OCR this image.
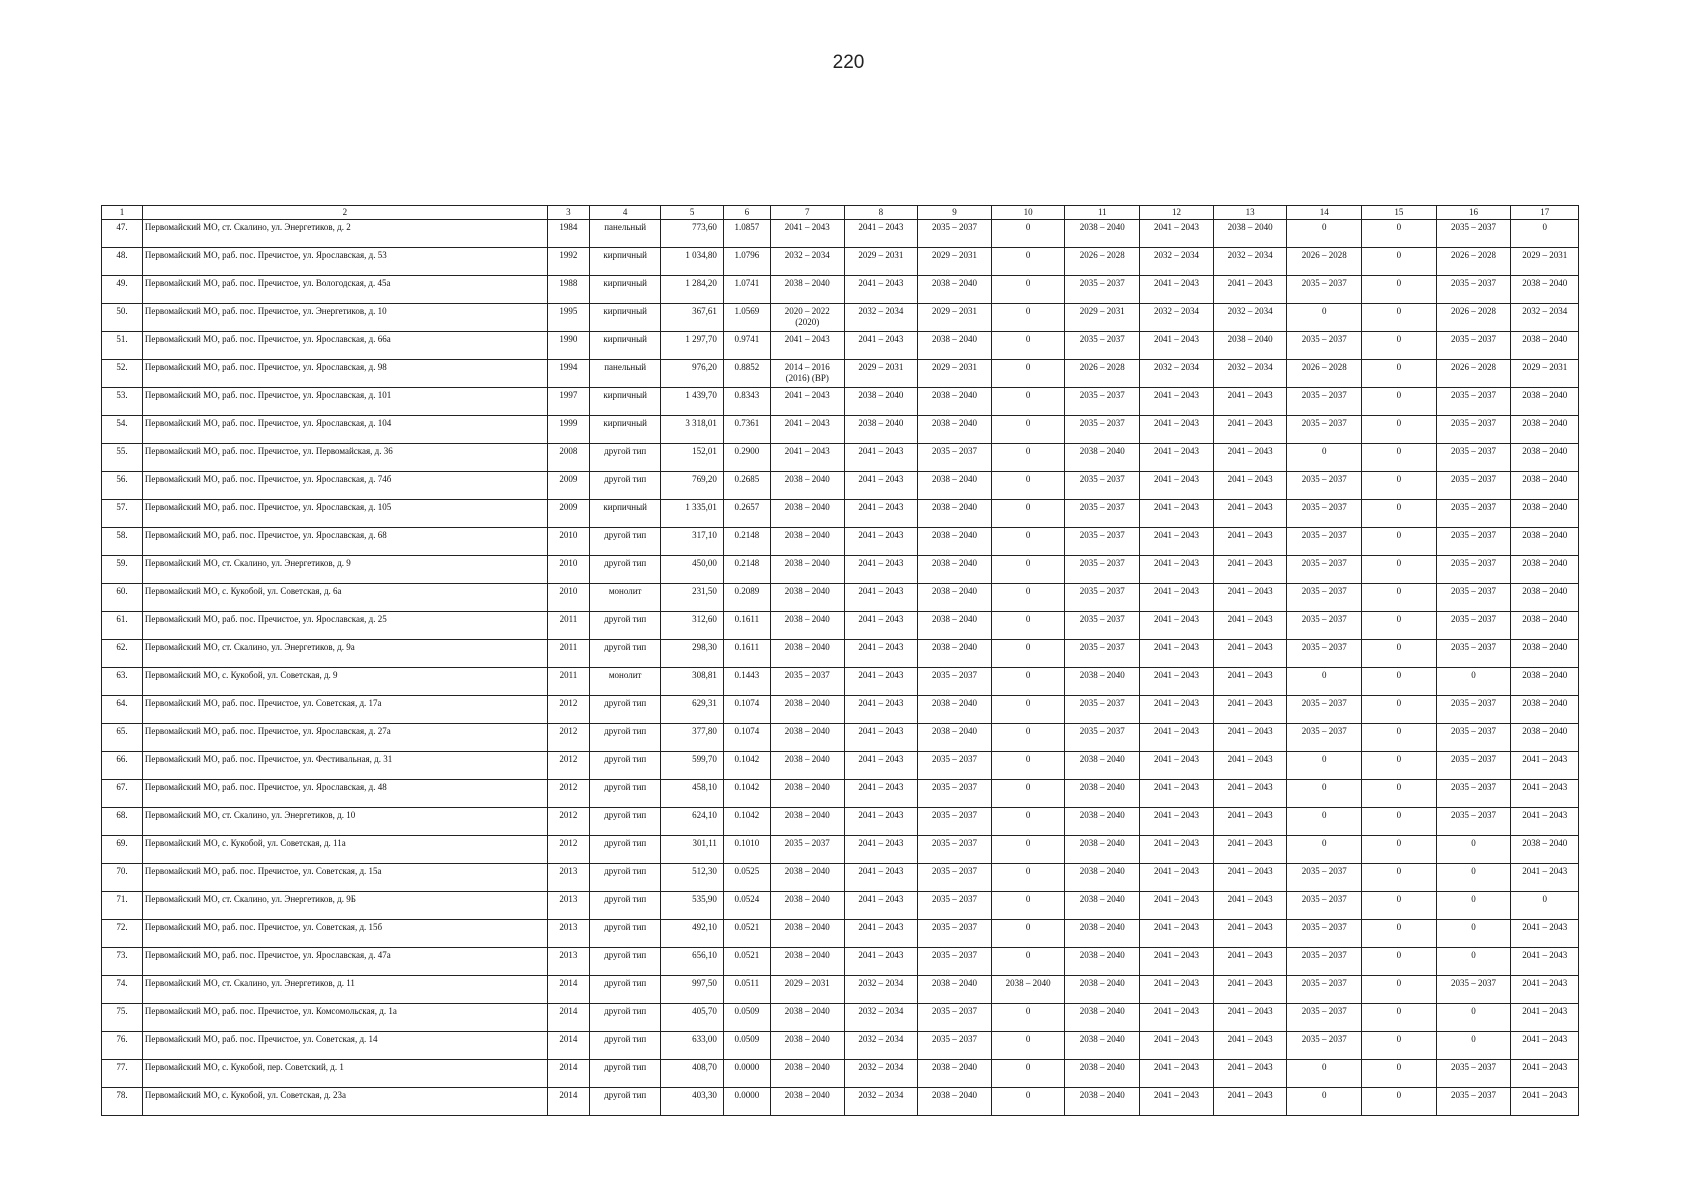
220
1	2	3	4	5	6	7	8	9	10	11	12	13	14	15	16	17
47.	Первомайский МО, ст. Скалино, ул. Энергетиков, д. 2	1984	панельный	773,60	1.0857	2041 – 2043	2041 – 2043	2035 – 2037	0	2038 – 2040	2041 – 2043	2038 – 2040	0	0	2035 – 2037	0
48.	Первомайский МО, раб. пос. Пречистое, ул. Ярославская, д. 53	1992	кирпичный	1 034,80	1.0796	2032 – 2034	2029 – 2031	2029 – 2031	0	2026 – 2028	2032 – 2034	2032 – 2034	2026 – 2028	0	2026 – 2028	2029 – 2031
49.	Первомайский МО, раб. пос. Пречистое, ул. Вологодская, д. 45а	1988	кирпичный	1 284,20	1.0741	2038 – 2040	2041 – 2043	2038 – 2040	0	2035 – 2037	2041 – 2043	2041 – 2043	2035 – 2037	0	2035 – 2037	2038 – 2040
50.	Первомайский МО, раб. пос. Пречистое, ул. Энергетиков, д. 10	1995	кирпичный	367,61	1.0569	2020 – 2022 (2020)	2032 – 2034	2029 – 2031	0	2029 – 2031	2032 – 2034	2032 – 2034	0	0	2026 – 2028	2032 – 2034
51.	Первомайский МО, раб. пос. Пречистое, ул. Ярославская, д. 66а	1990	кирпичный	1 297,70	0.9741	2041 – 2043	2041 – 2043	2038 – 2040	0	2035 – 2037	2041 – 2043	2038 – 2040	2035 – 2037	0	2035 – 2037	2038 – 2040
52.	Первомайский МО, раб. пос. Пречистое, ул. Ярославская, д. 98	1994	панельный	976,20	0.8852	2014 – 2016 (2016) (ВР)	2029 – 2031	2029 – 2031	0	2026 – 2028	2032 – 2034	2032 – 2034	2026 – 2028	0	2026 – 2028	2029 – 2031
53.	Первомайский МО, раб. пос. Пречистое, ул. Ярославская, д. 101	1997	кирпичный	1 439,70	0.8343	2041 – 2043	2038 – 2040	2038 – 2040	0	2035 – 2037	2041 – 2043	2041 – 2043	2035 – 2037	0	2035 – 2037	2038 – 2040
54.	Первомайский МО, раб. пос. Пречистое, ул. Ярославская, д. 104	1999	кирпичный	3 318,01	0.7361	2041 – 2043	2038 – 2040	2038 – 2040	0	2035 – 2037	2041 – 2043	2041 – 2043	2035 – 2037	0	2035 – 2037	2038 – 2040
55.	Первомайский МО, раб. пос. Пречистое, ул. Первомайская, д. 36	2008	другой тип	152,01	0.2900	2041 – 2043	2041 – 2043	2035 – 2037	0	2038 – 2040	2041 – 2043	2041 – 2043	0	0	2035 – 2037	2038 – 2040
56.	Первомайский МО, раб. пос. Пречистое, ул. Ярославская, д. 74б	2009	другой тип	769,20	0.2685	2038 – 2040	2041 – 2043	2038 – 2040	0	2035 – 2037	2041 – 2043	2041 – 2043	2035 – 2037	0	2035 – 2037	2038 – 2040
57.	Первомайский МО, раб. пос. Пречистое, ул. Ярославская, д. 105	2009	кирпичный	1 335,01	0.2657	2038 – 2040	2041 – 2043	2038 – 2040	0	2035 – 2037	2041 – 2043	2041 – 2043	2035 – 2037	0	2035 – 2037	2038 – 2040
58.	Первомайский МО, раб. пос. Пречистое, ул. Ярославская, д. 68	2010	другой тип	317,10	0.2148	2038 – 2040	2041 – 2043	2038 – 2040	0	2035 – 2037	2041 – 2043	2041 – 2043	2035 – 2037	0	2035 – 2037	2038 – 2040
59.	Первомайский МО, ст. Скалино, ул. Энергетиков, д. 9	2010	другой тип	450,00	0.2148	2038 – 2040	2041 – 2043	2038 – 2040	0	2035 – 2037	2041 – 2043	2041 – 2043	2035 – 2037	0	2035 – 2037	2038 – 2040
60.	Первомайский МО, с. Кукобой, ул. Советская, д. 6а	2010	монолит	231,50	0.2089	2038 – 2040	2041 – 2043	2038 – 2040	0	2035 – 2037	2041 – 2043	2041 – 2043	2035 – 2037	0	2035 – 2037	2038 – 2040
61.	Первомайский МО, раб. пос. Пречистое, ул. Ярославская, д. 25	2011	другой тип	312,60	0.1611	2038 – 2040	2041 – 2043	2038 – 2040	0	2035 – 2037	2041 – 2043	2041 – 2043	2035 – 2037	0	2035 – 2037	2038 – 2040
62.	Первомайский МО, ст. Скалино, ул. Энергетиков, д. 9а	2011	другой тип	298,30	0.1611	2038 – 2040	2041 – 2043	2038 – 2040	0	2035 – 2037	2041 – 2043	2041 – 2043	2035 – 2037	0	2035 – 2037	2038 – 2040
63.	Первомайский МО, с. Кукобой, ул. Советская, д. 9	2011	монолит	308,81	0.1443	2035 – 2037	2041 – 2043	2035 – 2037	0	2038 – 2040	2041 – 2043	2041 – 2043	0	0	0	2038 – 2040
64.	Первомайский МО, раб. пос. Пречистое, ул. Советская, д. 17а	2012	другой тип	629,31	0.1074	2038 – 2040	2041 – 2043	2038 – 2040	0	2035 – 2037	2041 – 2043	2041 – 2043	2035 – 2037	0	2035 – 2037	2038 – 2040
65.	Первомайский МО, раб. пос. Пречистое, ул. Ярославская, д. 27а	2012	другой тип	377,80	0.1074	2038 – 2040	2041 – 2043	2038 – 2040	0	2035 – 2037	2041 – 2043	2041 – 2043	2035 – 2037	0	2035 – 2037	2038 – 2040
66.	Первомайский МО, раб. пос. Пречистое, ул. Фестивальная, д. 31	2012	другой тип	599,70	0.1042	2038 – 2040	2041 – 2043	2035 – 2037	0	2038 – 2040	2041 – 2043	2041 – 2043	0	0	2035 – 2037	2041 – 2043
67.	Первомайский МО, раб. пос. Пречистое, ул. Ярославская, д. 48	2012	другой тип	458,10	0.1042	2038 – 2040	2041 – 2043	2035 – 2037	0	2038 – 2040	2041 – 2043	2041 – 2043	0	0	2035 – 2037	2041 – 2043
68.	Первомайский МО, ст. Скалино, ул. Энергетиков, д. 10	2012	другой тип	624,10	0.1042	2038 – 2040	2041 – 2043	2035 – 2037	0	2038 – 2040	2041 – 2043	2041 – 2043	0	0	2035 – 2037	2041 – 2043
69.	Первомайский МО, с. Кукобой, ул. Советская, д. 11а	2012	другой тип	301,11	0.1010	2035 – 2037	2041 – 2043	2035 – 2037	0	2038 – 2040	2041 – 2043	2041 – 2043	0	0	0	2038 – 2040
70.	Первомайский МО, раб. пос. Пречистое, ул. Советская, д. 15а	2013	другой тип	512,30	0.0525	2038 – 2040	2041 – 2043	2035 – 2037	0	2038 – 2040	2041 – 2043	2041 – 2043	2035 – 2037	0	0	2041 – 2043
71.	Первомайский МО, ст. Скалино, ул. Энергетиков, д. 9Б	2013	другой тип	535,90	0.0524	2038 – 2040	2041 – 2043	2035 – 2037	0	2038 – 2040	2041 – 2043	2041 – 2043	2035 – 2037	0	0	0
72.	Первомайский МО, раб. пос. Пречистое, ул. Советская, д. 15б	2013	другой тип	492,10	0.0521	2038 – 2040	2041 – 2043	2035 – 2037	0	2038 – 2040	2041 – 2043	2041 – 2043	2035 – 2037	0	0	2041 – 2043
73.	Первомайский МО, раб. пос. Пречистое, ул. Ярославская, д. 47а	2013	другой тип	656,10	0.0521	2038 – 2040	2041 – 2043	2035 – 2037	0	2038 – 2040	2041 – 2043	2041 – 2043	2035 – 2037	0	0	2041 – 2043
74.	Первомайский МО, ст. Скалино, ул. Энергетиков, д. 11	2014	другой тип	997,50	0.0511	2029 – 2031	2032 – 2034	2038 – 2040	2038 – 2040	2038 – 2040	2041 – 2043	2041 – 2043	2035 – 2037	0	2035 – 2037	2041 – 2043
75.	Первомайский МО, раб. пос. Пречистое, ул. Комсомольская, д. 1а	2014	другой тип	405,70	0.0509	2038 – 2040	2032 – 2034	2035 – 2037	0	2038 – 2040	2041 – 2043	2041 – 2043	2035 – 2037	0	0	2041 – 2043
76.	Первомайский МО, раб. пос. Пречистое, ул. Советская, д. 14	2014	другой тип	633,00	0.0509	2038 – 2040	2032 – 2034	2035 – 2037	0	2038 – 2040	2041 – 2043	2041 – 2043	2035 – 2037	0	0	2041 – 2043
77.	Первомайский МО, с. Кукобой, пер. Советский, д. 1	2014	другой тип	408,70	0.0000	2038 – 2040	2032 – 2034	2038 – 2040	0	2038 – 2040	2041 – 2043	2041 – 2043	0	0	2035 – 2037	2041 – 2043
78.	Первомайский МО, с. Кукобой, ул. Советская, д. 23а	2014	другой тип	403,30	0.0000	2038 – 2040	2032 – 2034	2038 – 2040	0	2038 – 2040	2041 – 2043	2041 – 2043	0	0	2035 – 2037	2041 – 2043
